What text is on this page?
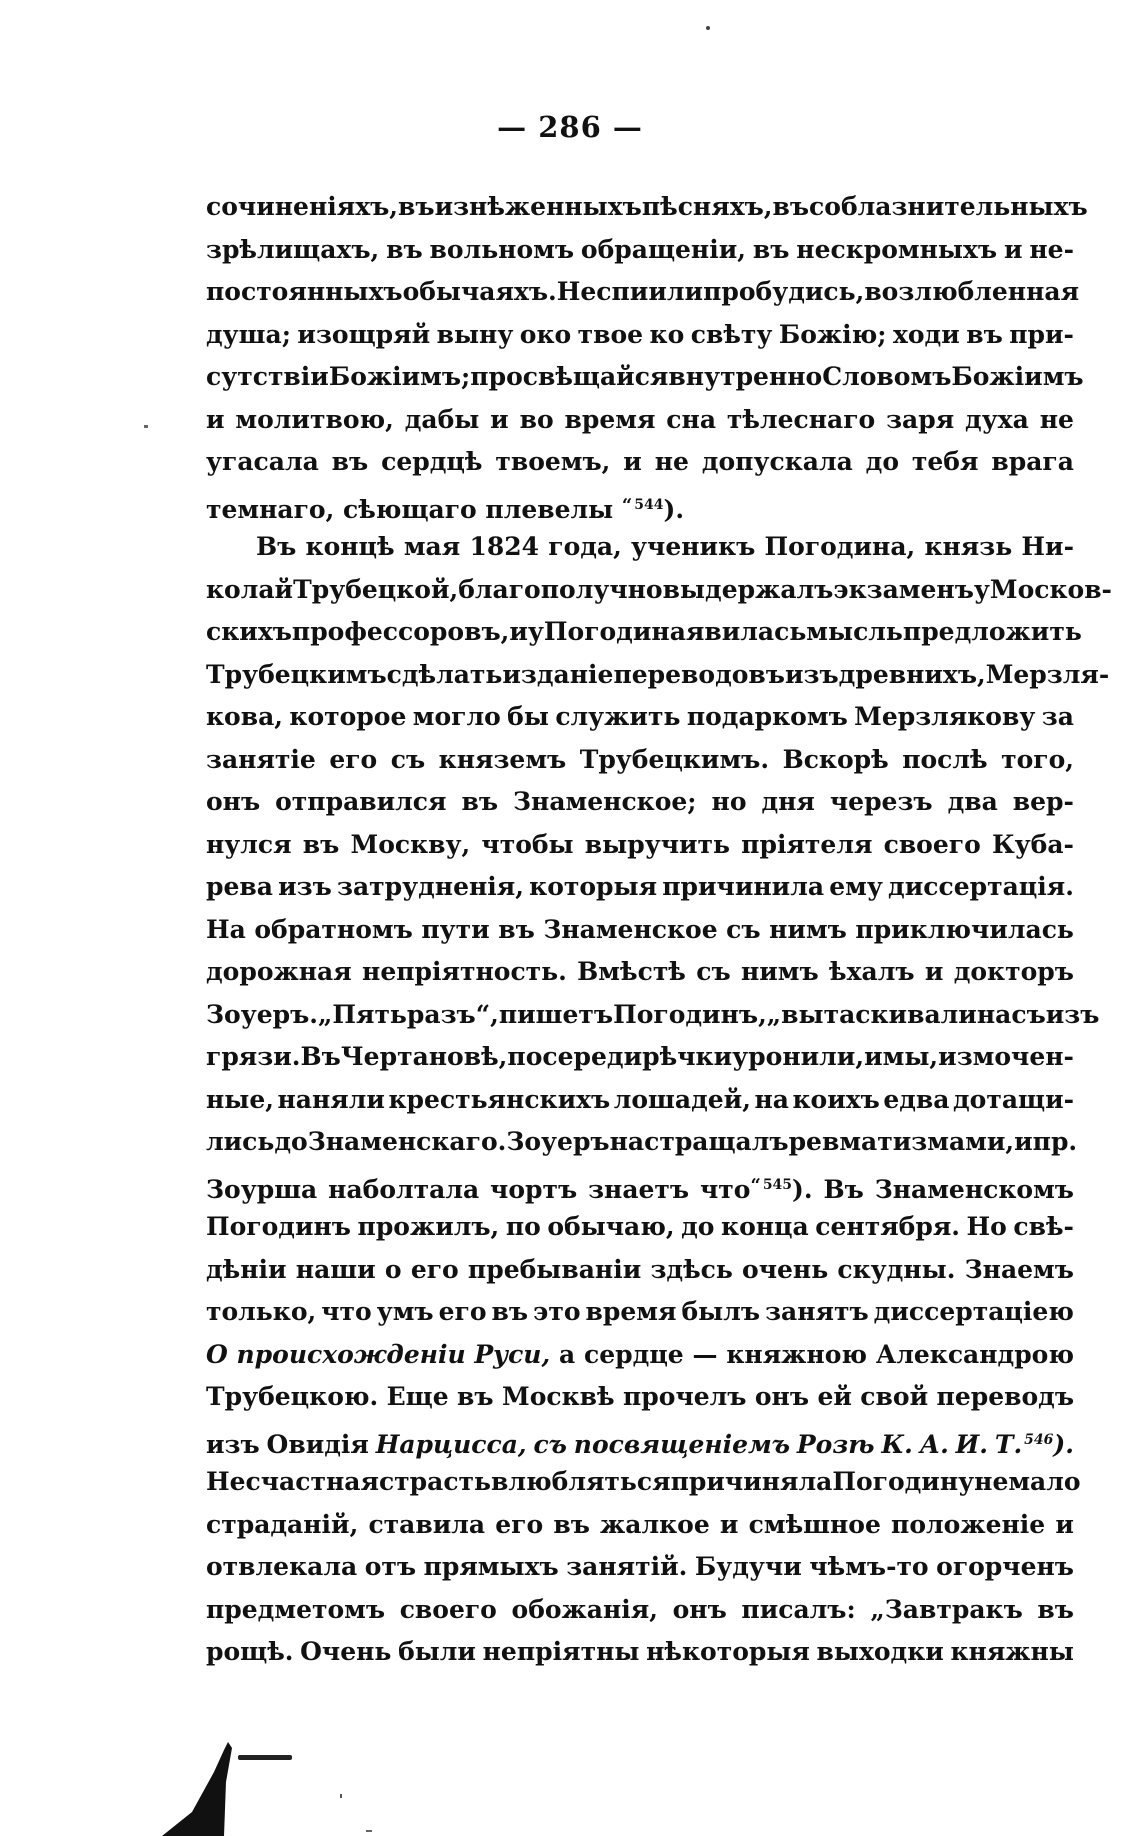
— 286 —
сочиненіяхъ, въ изнѣженныхъ пѣсняхъ, въ соблазнительныхъ
зрѣлищахъ, въ вольномъ обращеніи, въ нескромныхъ и не-
постоянныхъ обычаяхъ. Не спи или пробудись, возлюбленная
душа; изощряй выну око твое ко свѣту Божію; ходи въ при-
сутствіи Божіимъ; просвѣщайся внутренно Словомъ Божіимъ
и молитвою, дабы и во время сна тѣлеснаго заря духа не
угасала въ сердцѣ твоемъ, и не допускала до тебя врага
темнаго, сѣющаго плевелы “ $^{544}$).
Въ концѣ мая 1824 года, ученикъ Погодина, князь Ни-
колай Трубецкой, благополучно выдержалъ экзаменъ у Москов-
скихъ профессоровъ, и у Погодина явилась мысль предложить
Трубецкимъ сдѣлать изданіе переводовъ изъ древнихъ, Мерзля-
кова, которое могло бы служить подаркомъ Мерзлякову за
занятіе его съ княземъ Трубецкимъ. Вскорѣ послѣ того,
онъ отправился въ Знаменское; но дня черезъ два вер-
нулся въ Москву, чтобы выручить пріятеля своего Куба-
рева изъ затрудненія, которыя причинила ему диссертація.
На обратномъ пути въ Знаменское съ нимъ приключилась
дорожная непріятность. Вмѣстѣ съ нимъ ѣхалъ и докторъ
Зоуеръ. „Пять разъ“, пишетъ Погодинъ, „вытаскивали насъ изъ
грязи. Въ Чертановѣ, посереди рѣчки уронили, и мы, измочен-
ные, наняли крестьянскихъ лошадей, на коихъ едва дотащи-
лись до Знаменскаго. Зоуеръ настращалъ ревматизмами, и пр.
Зоурша наболтала чортъ знаетъ что“ $^{545}$). Въ Знаменскомъ
Погодинъ прожилъ, по обычаю, до конца сентября. Но свѣ-
дѣніи наши о его пребываніи здѣсь очень скудны. Знаемъ
только, что умъ его въ это время былъ занятъ диссертаціею
О происхожденіи Руси, а сердце — княжною Александрою
Трубецкою. Еще въ Москвѣ прочелъ онъ ей свой переводъ
изъ Овидія Нарцисса, съ посвященіемъ Розѣ К. А. И. Т. $^{546}$).
Несчастная страсть влюбляться причиняла Погодину немало
страданій, ставила его въ жалкое и смѣшное положеніе и
отвлекала отъ прямыхъ занятій. Будучи чѣмъ-то огорченъ
предметомъ своего обожанія, онъ писалъ: „Завтракъ въ
рощѣ. Очень были непріятны нѣкоторыя выходки княжны
